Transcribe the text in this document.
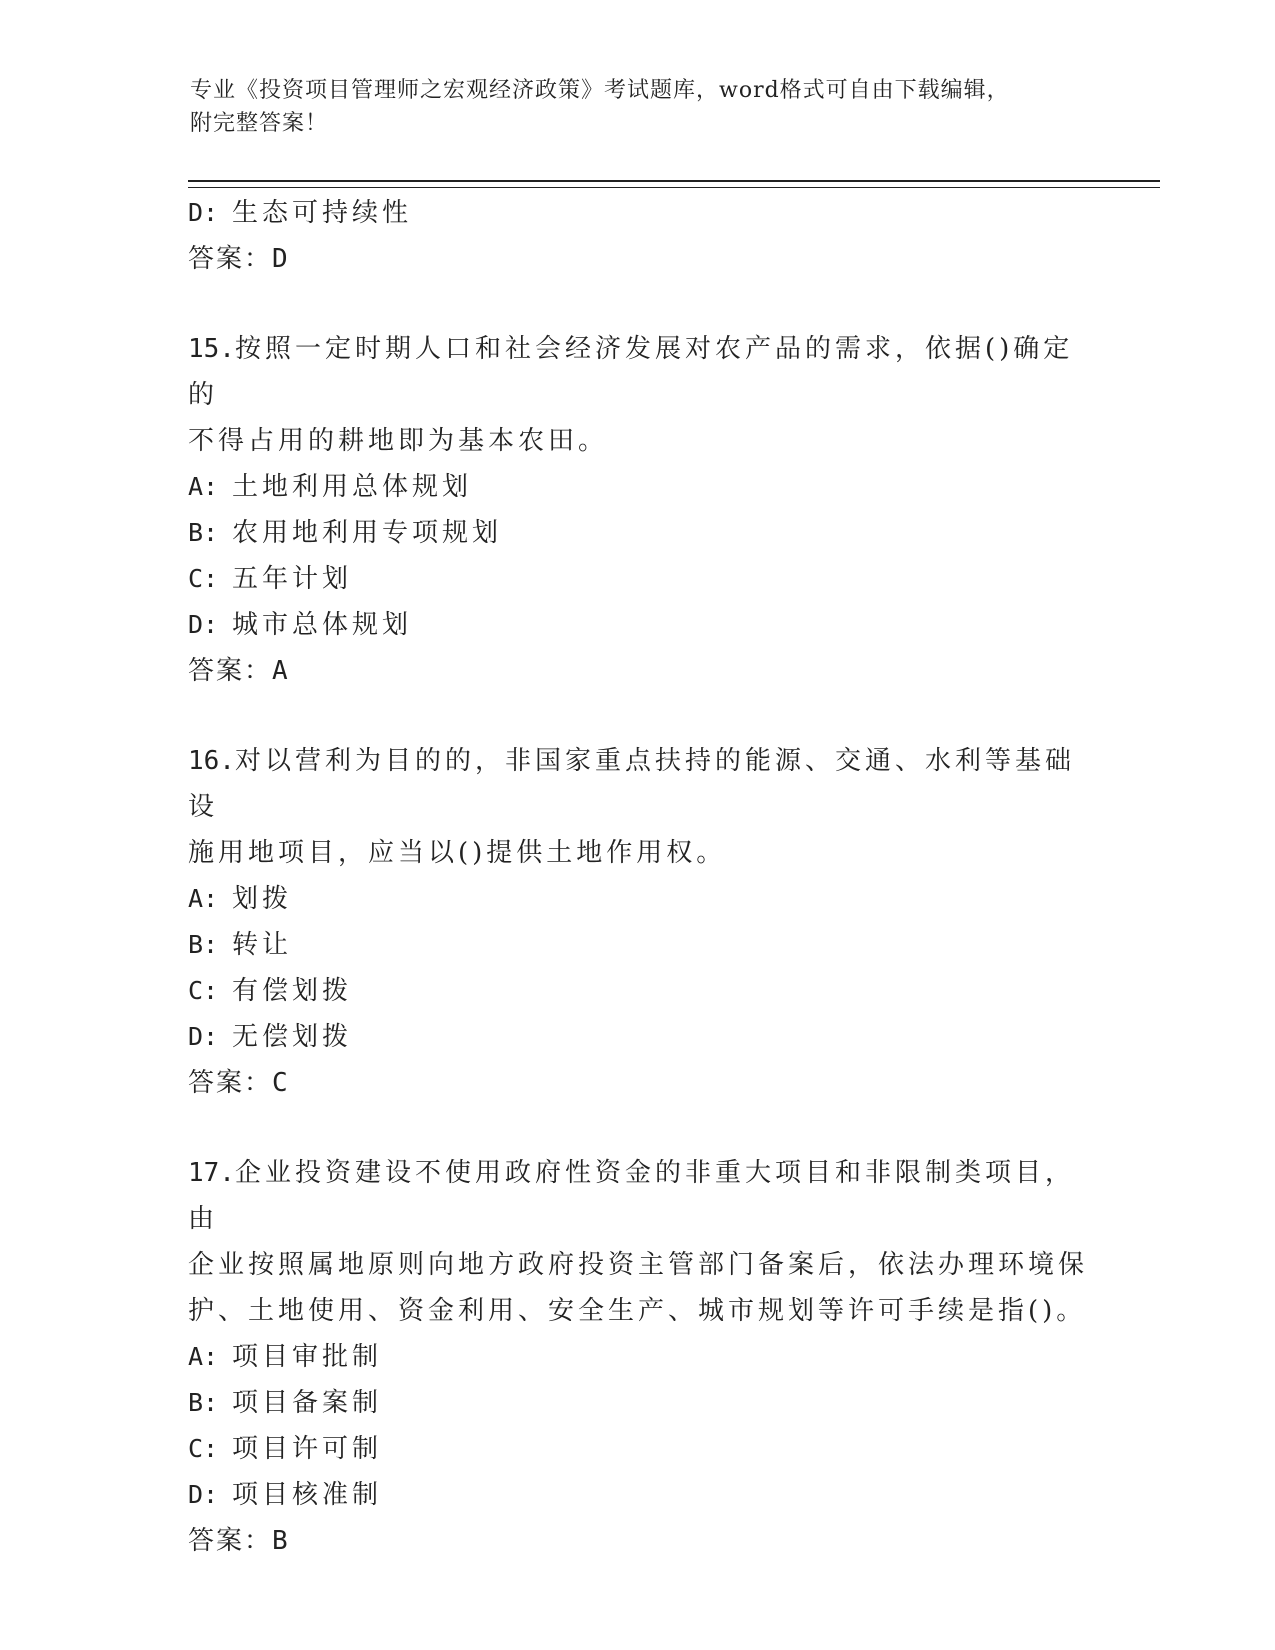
专业《投资项目管理师之宏观经济政策》考试题库，word格式可自由下载编辑，
附完整答案！
D: 生态可持续性
答案：D
15.按照一定时期人口和社会经济发展对农产品的需求，依据()确定的
不得占用的耕地即为基本农田。
A: 土地利用总体规划
B: 农用地利用专项规划
C: 五年计划
D: 城市总体规划
答案：A
16.对以营利为目的的，非国家重点扶持的能源、交通、水利等基础设
施用地项目，应当以()提供土地作用权。
A: 划拨
B: 转让
C: 有偿划拨
D: 无偿划拨
答案：C
17.企业投资建设不使用政府性资金的非重大项目和非限制类项目，由
企业按照属地原则向地方政府投资主管部门备案后，依法办理环境保
护、土地使用、资金利用、安全生产、城市规划等许可手续是指()。
A: 项目审批制
B: 项目备案制
C: 项目许可制
D: 项目核准制
答案：B
